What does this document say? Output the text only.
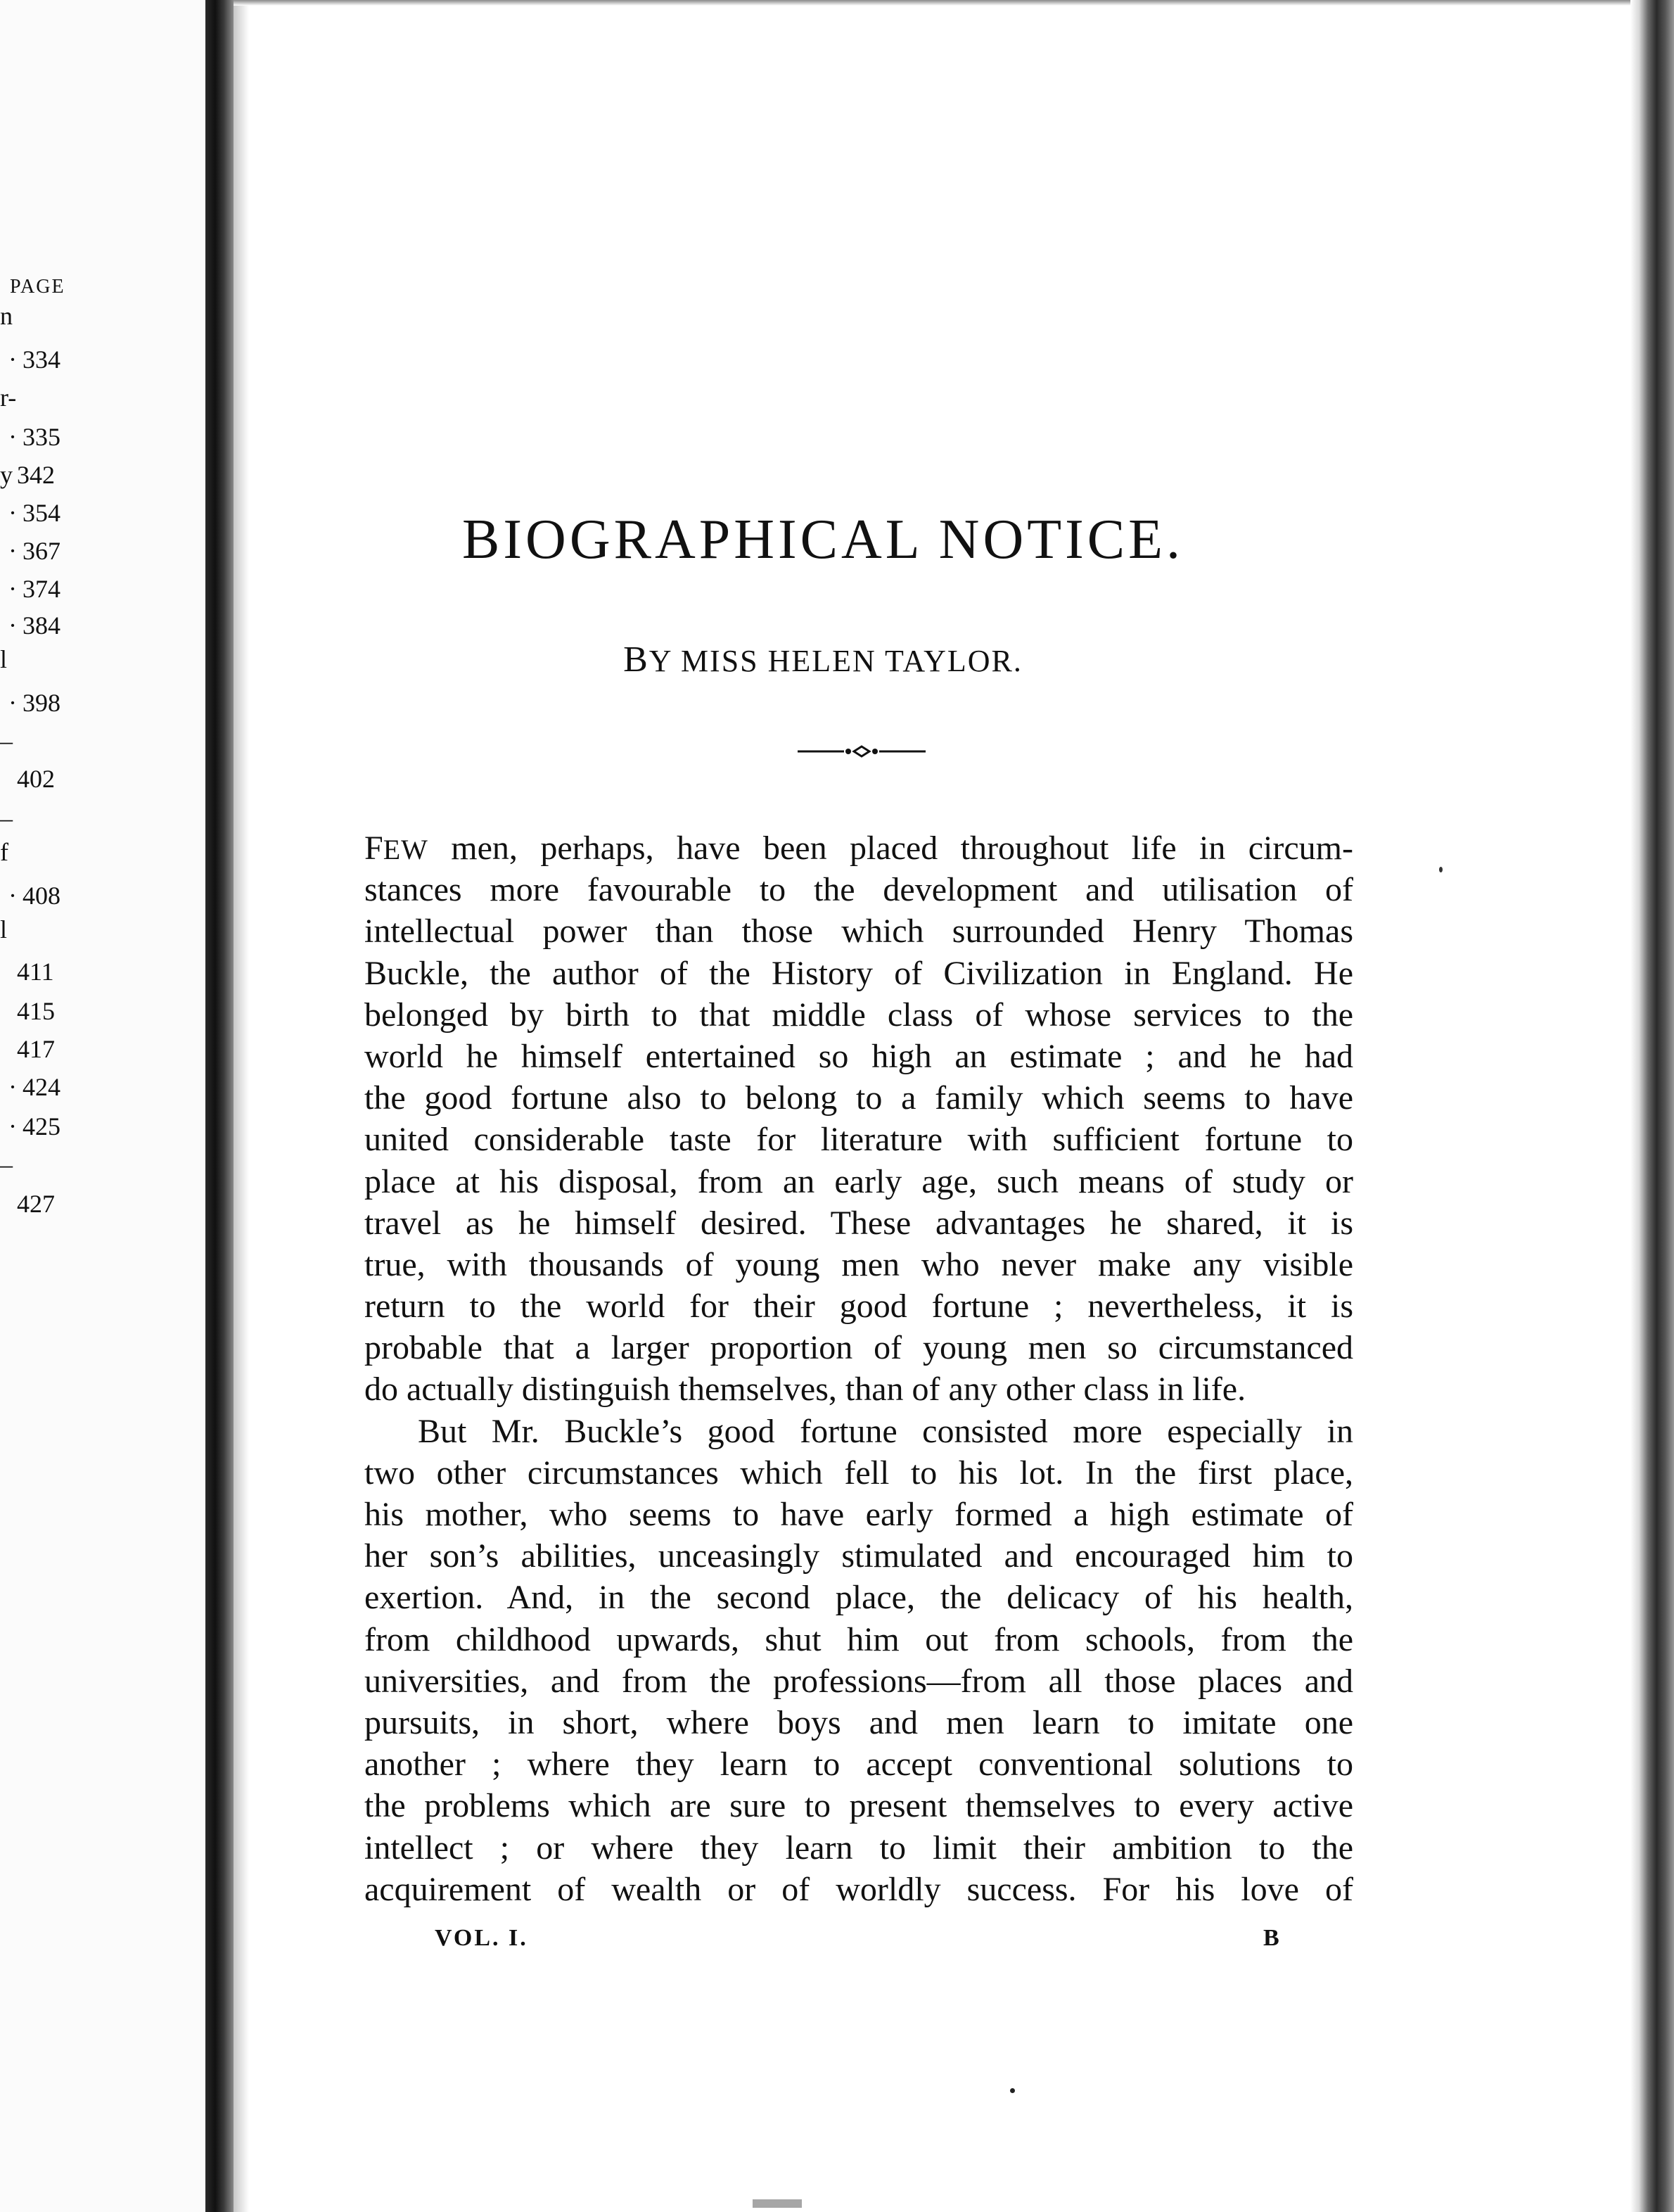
PAGE
n
· 334
r-
· 335
y 342
· 354
· 367
· 374
· 384
l
· 398
–
402
–
f
· 408
l
411
415
417
· 424
· 425
–
427
BIOGRAPHICAL NOTICE.
BY MISS HELEN TAYLOR.
FEW men, perhaps, have been placed throughout life in circum-
stances more favourable to the development and utilisation of
intellectual power than those which surrounded Henry Thomas
Buckle, the author of the History of Civilization in England. He
belonged by birth to that middle class of whose services to the
world he himself entertained so high an estimate ; and he had
the good fortune also to belong to a family which seems to have
united considerable taste for literature with sufficient fortune to
place at his disposal, from an early age, such means of study or
travel as he himself desired. These advantages he shared, it is
true, with thousands of young men who never make any visible
return to the world for their good fortune ; nevertheless, it is
probable that a larger proportion of young men so circumstanced
do actually distinguish themselves, than of any other class in life.
But Mr. Buckle’s good fortune consisted more especially in
two other circumstances which fell to his lot. In the first place,
his mother, who seems to have early formed a high estimate of
her son’s abilities, unceasingly stimulated and encouraged him to
exertion. And, in the second place, the delicacy of his health,
from childhood upwards, shut him out from schools, from the
universities, and from the professions—from all those places and
pursuits, in short, where boys and men learn to imitate one
another ; where they learn to accept conventional solutions to
the problems which are sure to present themselves to every active
intellect ; or where they learn to limit their ambition to the
acquirement of wealth or of worldly success. For his love of
VOL. I.	B
